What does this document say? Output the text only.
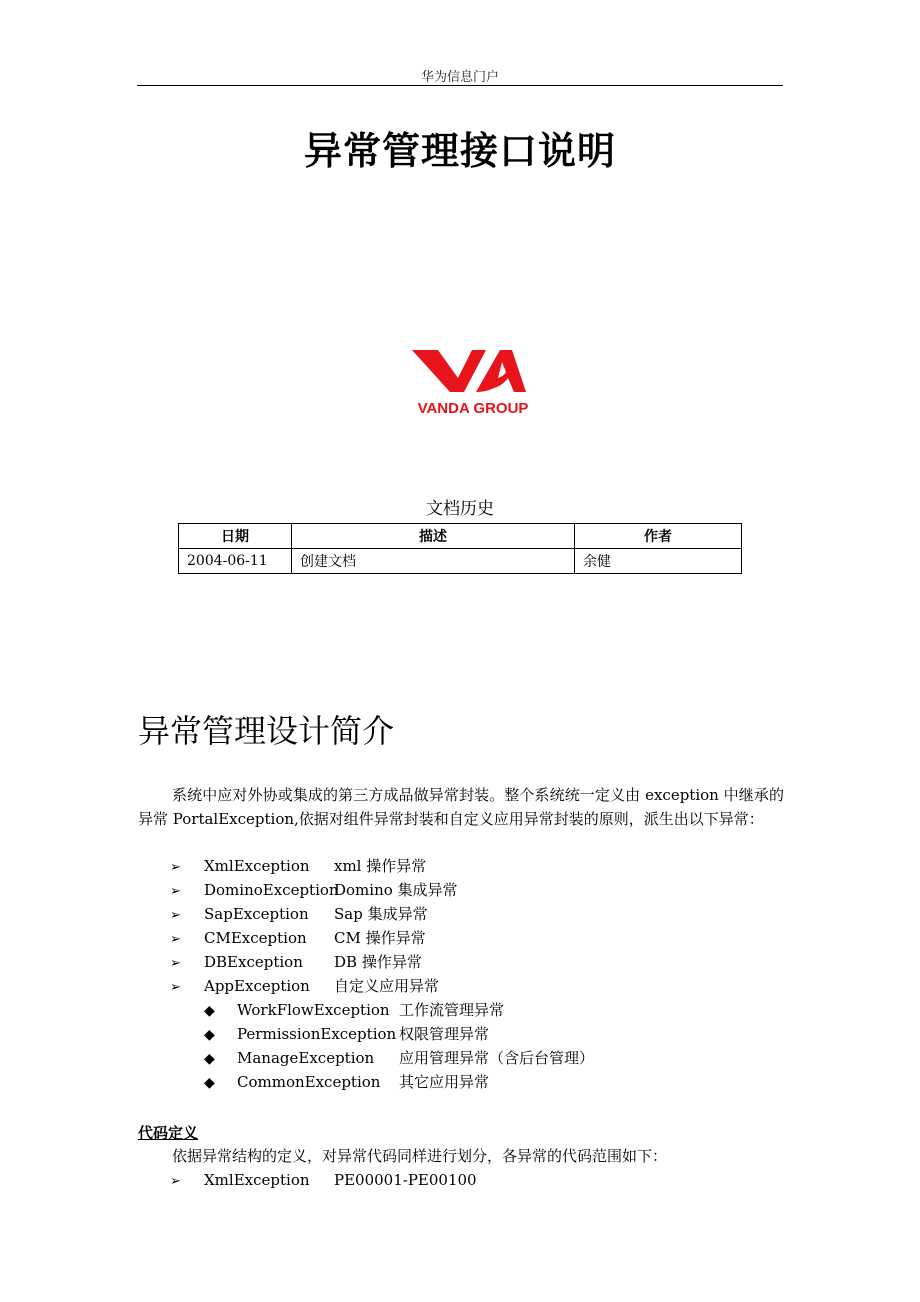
华为信息门户
异常管理接口说明
VANDA GROUP
文档历史
日期	描述	作者
2004-06-11	创建文档	余健
异常管理设计简介
系统中应对外协或集成的第三方成品做异常封装。整个系统统一定义由 exception 中继承的异常 PortalException,依据对组件异常封装和自定义应用异常封装的原则，派生出以下异常：
➢ XmlException xml 操作异常
➢ DominoExceptionDomino 集成异常
➢ SapException Sap 集成异常
➢ CMException CM 操作异常
➢ DBException DB 操作异常
➢ AppException 自定义应用异常
◆ WorkFlowException 工作流管理异常
◆ PermissionException 权限管理异常
◆ ManageException 应用管理异常（含后台管理）
◆ CommonException 其它应用异常
代码定义
依据异常结构的定义，对异常代码同样进行划分，各异常的代码范围如下：
➢ XmlException PE00001-PE00100
